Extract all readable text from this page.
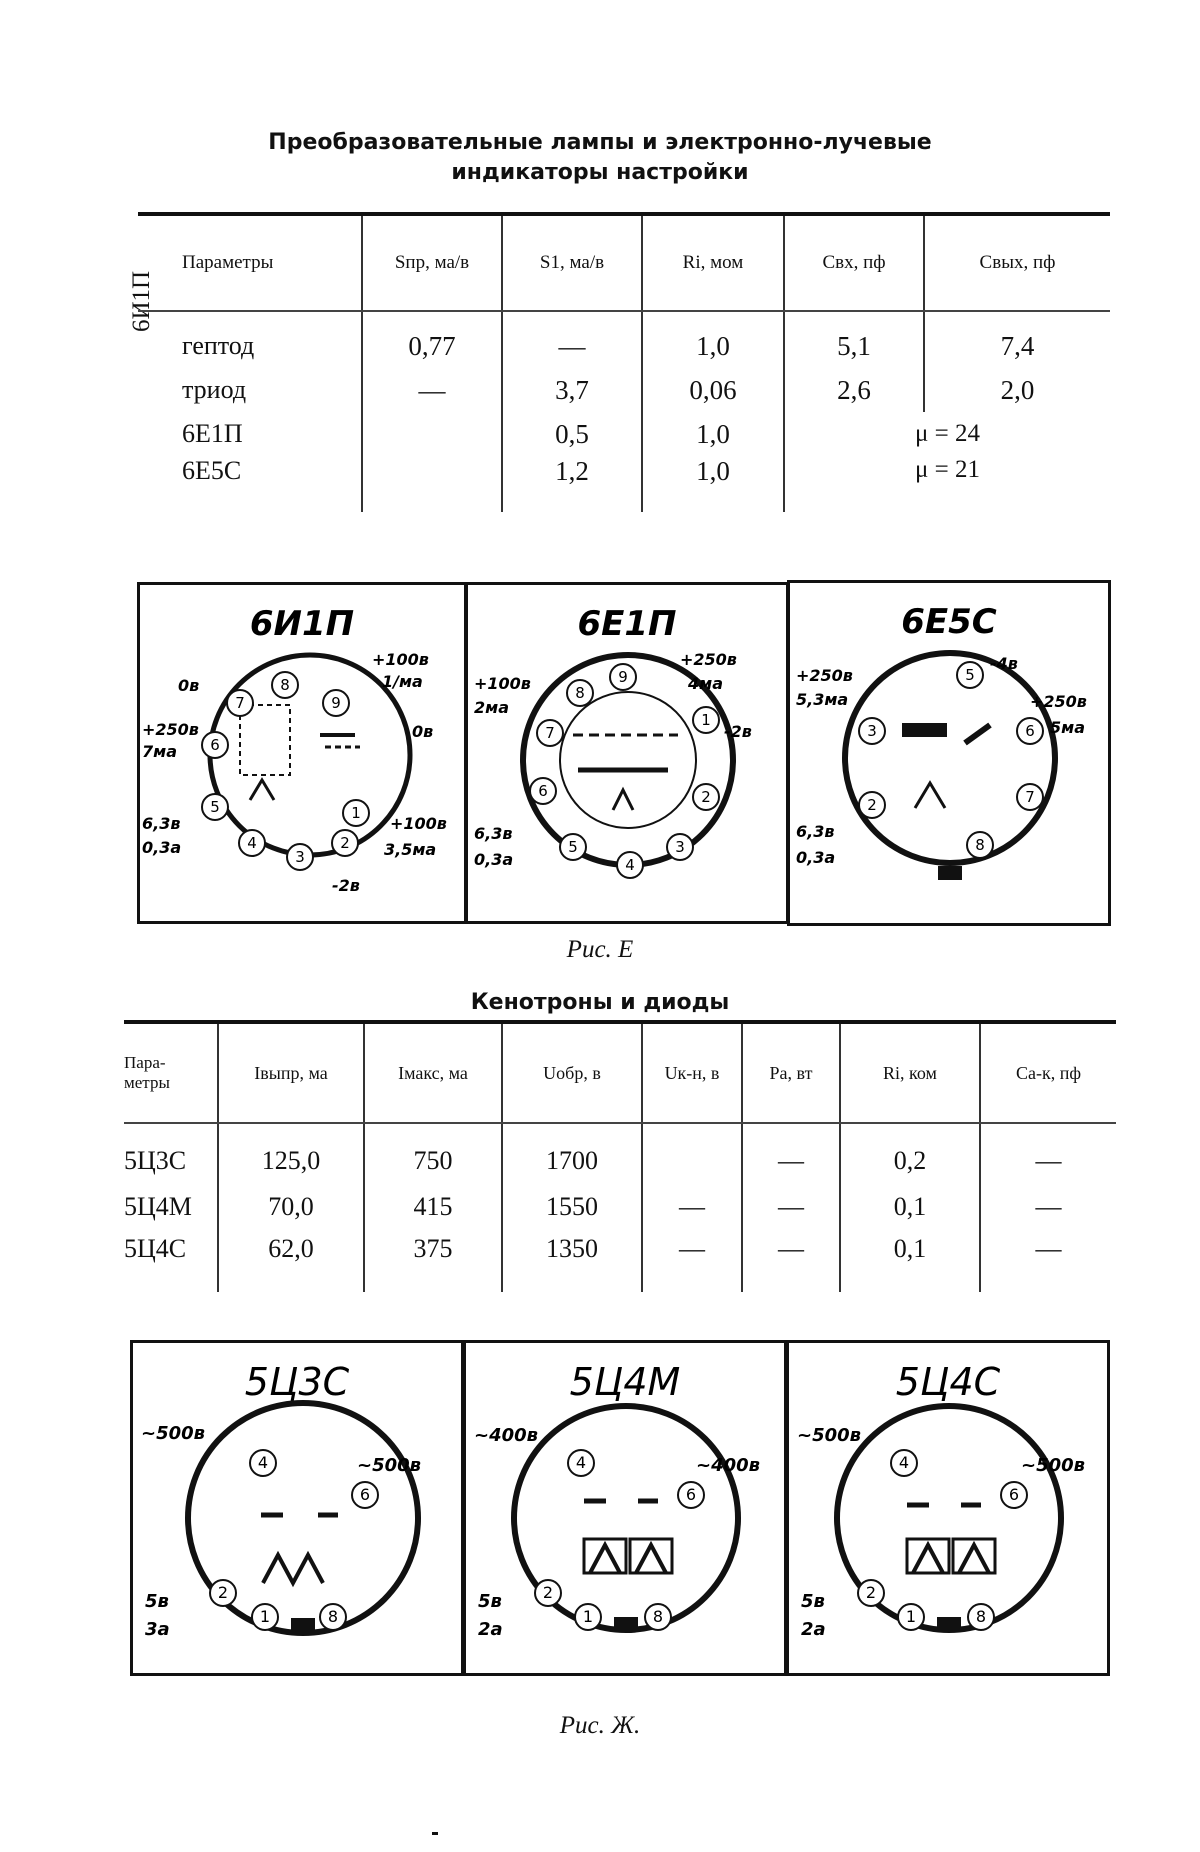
Преобразовательные лампы и электронно-лучевые
индикаторы настройки
6И1П
Параметры	Sпр, ма/в	S1, ма/в	Ri, мом	Cвх, пф	Cвых, пф
гептод	0,77	—	1,0	5,1	7,4
триод	—	3,7	0,06	2,6	2,0
6Е1П		0,5	1,0	μ = 24	
6Е5С		1,2	1,0	μ = 21	
6И1П
1
2
3
4
5
6
7
8
9
0в
+250в
7ма
+100в
1/ма
0в
6,3в
0,3а
+100в
3,5ма
-2в
6Е1П
1
2
3
4
5
6
7
8
9
+100в
2ма
+250в
4ма
-2в
6,3в
0,3а
6Е5С
2
3
5
6
7
8
+250в
5,3ма
-4в
+250в
5ма
6,3в
0,3а
Рис. Е
Кенотроны и диоды
Пара-
метры	Iвыпр, ма	Iмакс, ма	Uобр, в	Uк-н, в	Pа, вт	Ri, ком	Cа-к, пф
5Ц3С	125,0	750	1700		—	0,2	—
5Ц4М	70,0	415	1550	—	—	0,1	—
5Ц4С	62,0	375	1350	—	—	0,1	—
5Ц3С
1
2
4
6
8
~500в
~500в
5в
3а
5Ц4М
1
2
4
6
8
~400в
~400в
5в
2а
5Ц4С
1
2
4
6
8
~500в
~500в
5в
2а
Рис. Ж.
